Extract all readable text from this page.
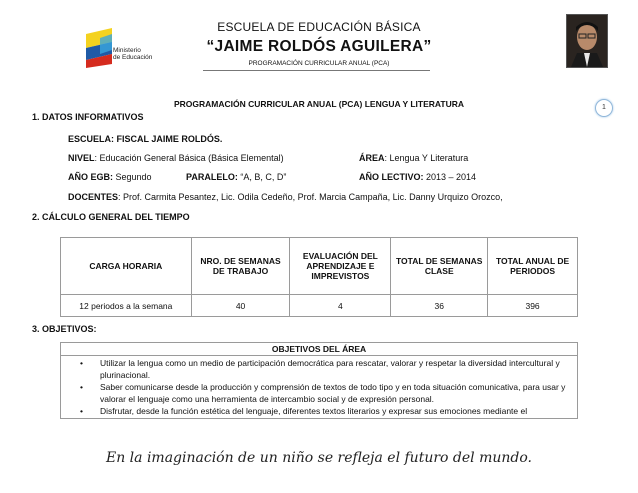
Ministerio
de Educación
ESCUELA DE EDUCACIÓN BÁSICA
“JAIME ROLDÓS AGUILERA”
PROGRAMACIÓN CURRICULAR ANUAL (PCA)
1
PROGRAMACIÓN CURRICULAR ANUAL (PCA) LENGUA Y LITERATURA
1. DATOS INFORMATIVOS
ESCUELA: FISCAL JAIME ROLDÓS.
NIVEL: Educación General Básica (Básica Elemental)	ÁREA: Lengua Y Literatura
AÑO EGB: Segundo	PARALELO: “A, B, C, D”	AÑO LECTIVO: 2013 – 2014
DOCENTES: Prof. Carmita Pesantez, Lic. Odila Cedeño, Prof. Marcia Campaña, Lic. Danny Urquizo Orozco,
2. CÁLCULO GENERAL DEL TIEMPO
CARGA HORARIA	NRO. DE SEMANAS DE TRABAJO	EVALUACIÓN DEL APRENDIZAJE E IMPREVISTOS	TOTAL DE SEMANAS CLASE	TOTAL ANUAL DE PERIODOS
12 periodos a la semana	40	4	36	396
3. OBJETIVOS:
OBJETIVOS DEL ÁREA

• Utilizar la lengua como un medio de participación democrática para rescatar, valorar y respetar la diversidad intercultural y plurinacional.
• Saber comunicarse desde la producción y comprensión de textos de todo tipo y en toda situación comunicativa, para usar y valorar el lenguaje como una herramienta de intercambio social y de expresión personal.
• Disfrutar, desde la función estética del lenguaje, diferentes textos literarios y expresar sus emociones mediante el
En la imaginación de un niño se refleja el futuro del mundo.
